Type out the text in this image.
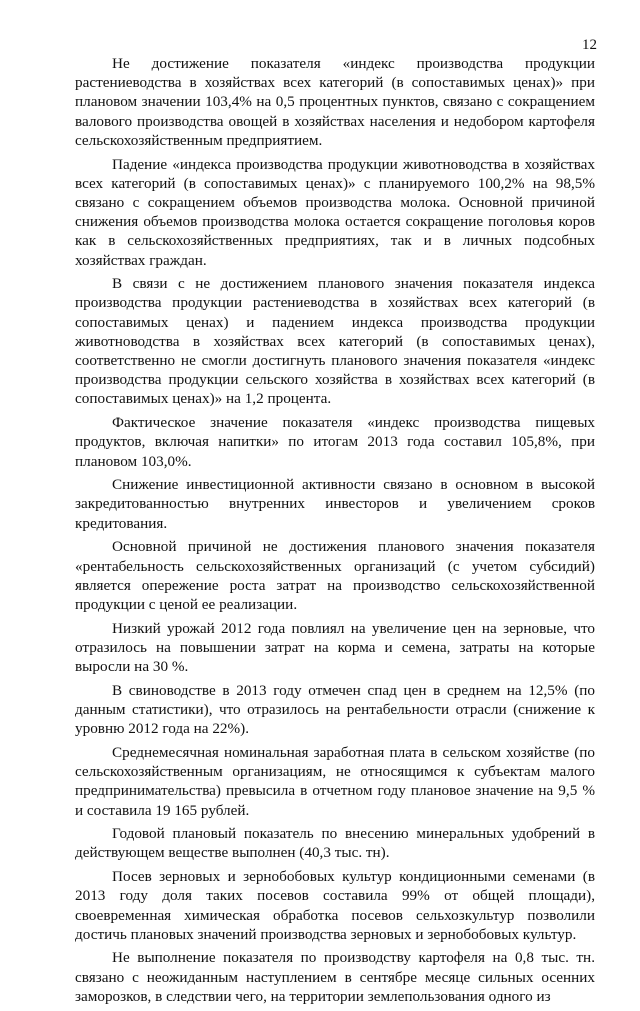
12

Не достижение показателя «индекс производства продукции растениеводства в хозяйствах всех категорий (в сопоставимых ценах)» при плановом значении 103,4% на 0,5 процентных пунктов, связано с сокращением валового производства овощей в хозяйствах населения и недобором картофеля сельскохозяйственным предприятием.

Падение «индекса производства продукции животноводства в хозяйствах всех категорий (в сопоставимых ценах)» с планируемого 100,2% на 98,5% связано с сокращением объемов производства молока. Основной причиной снижения объемов производства молока остается сокращение поголовья коров как в сельскохозяйственных предприятиях, так и в личных подсобных хозяйствах граждан.

В связи с не достижением планового значения показателя индекса производства продукции растениеводства в хозяйствах всех категорий (в сопоставимых ценах) и падением индекса производства продукции животноводства в хозяйствах всех категорий (в сопоставимых ценах), соответственно не смогли достигнуть планового значения показателя «индекс производства продукции сельского хозяйства в хозяйствах всех категорий (в сопоставимых ценах)» на 1,2 процента.

Фактическое значение показателя «индекс производства пищевых продуктов, включая напитки» по итогам 2013 года составил 105,8%, при плановом 103,0%.

Снижение инвестиционной активности связано в основном в высокой закредитованностью внутренних инвесторов и увеличением сроков кредитования.

Основной причиной не достижения планового значения показателя «рентабельность сельскохозяйственных организаций (с учетом субсидий) является опережение роста затрат на производство сельскохозяйственной продукции с ценой ее реализации.

Низкий урожай 2012 года повлиял на увеличение цен на зерновые, что отразилось на повышении затрат на корма и семена, затраты на которые выросли на 30 %.

В свиноводстве в 2013 году отмечен спад цен в среднем на 12,5% (по данным статистики), что отразилось на рентабельности отрасли (снижение к уровню 2012 года на 22%).

Среднемесячная номинальная заработная плата в сельском хозяйстве (по сельскохозяйственным организациям, не относящимся к субъектам малого предпринимательства) превысила в отчетном году плановое значение на 9,5 % и составила 19 165 рублей.

Годовой плановый показатель по внесению минеральных удобрений в действующем веществе выполнен (40,3 тыс. тн).

Посев зерновых и зернобобовых культур кондиционными семенами (в 2013 году доля таких посевов составила 99% от общей площади), своевременная химическая обработка посевов сельхозкультур позволили достичь плановых значений производства зерновых и зернобобовых культур.

Не выполнение показателя по производству картофеля на 0,8 тыс. тн. связано с неожиданным наступлением в сентябре месяце сильных осенних заморозков, в следствии чего, на территории землепользования одного из
